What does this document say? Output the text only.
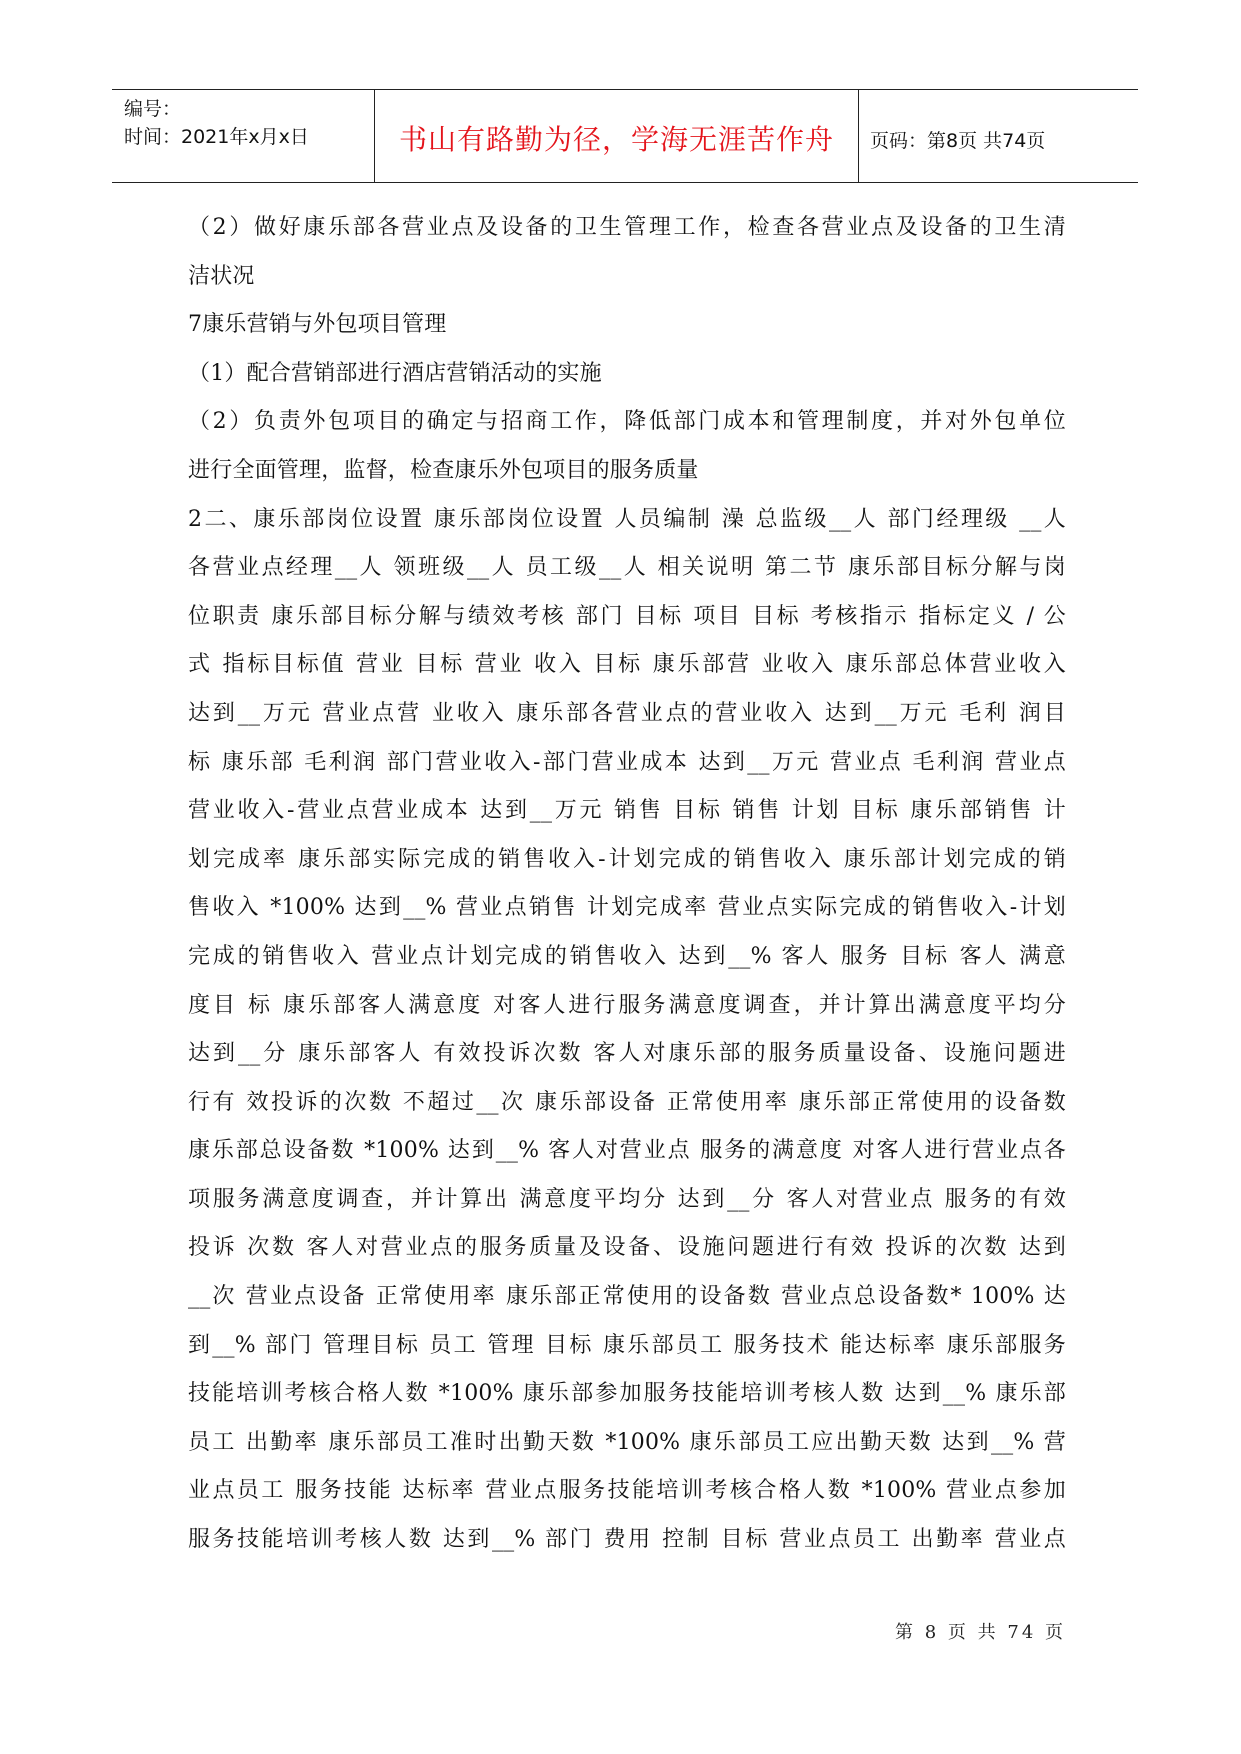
编号：
时间：2021年x月x日	书山有路勤为径，学海无涯苦作舟	页码：第8页 共74页
（2）做好康乐部各营业点及设备的卫生管理工作，检查各营业点及设备的卫生清
洁状况
7康乐营销与外包项目管理
（1）配合营销部进行酒店营销活动的实施
（2）负责外包项目的确定与招商工作，降低部门成本和管理制度，并对外包单位
进行全面管理，监督，检查康乐外包项目的服务质量
2二、康乐部岗位设置 康乐部岗位设置 人员编制 澡 总监级__人 部门经理级 __人
各营业点经理__人 领班级__人 员工级__人 相关说明 第二节 康乐部目标分解与岗
位职责 康乐部目标分解与绩效考核 部门 目标 项目 目标 考核指示 指标定义 / 公
式 指标目标值 营业 目标 营业 收入 目标 康乐部营 业收入 康乐部总体营业收入
达到__万元 营业点营 业收入 康乐部各营业点的营业收入 达到__万元 毛利 润目
标 康乐部 毛利润 部门营业收入-部门营业成本 达到__万元 营业点 毛利润 营业点
营业收入-营业点营业成本 达到__万元 销售 目标 销售 计划 目标 康乐部销售 计
划完成率 康乐部实际完成的销售收入-计划完成的销售收入 康乐部计划完成的销
售收入 *100% 达到__% 营业点销售 计划完成率 营业点实际完成的销售收入-计划
完成的销售收入 营业点计划完成的销售收入 达到__% 客人 服务 目标 客人 满意
度目 标 康乐部客人满意度 对客人进行服务满意度调查，并计算出满意度平均分
达到__分 康乐部客人 有效投诉次数 客人对康乐部的服务质量设备、设施问题进
行有 效投诉的次数 不超过__次 康乐部设备 正常使用率 康乐部正常使用的设备数
康乐部总设备数 *100% 达到__% 客人对营业点 服务的满意度 对客人进行营业点各
项服务满意度调查，并计算出 满意度平均分 达到__分 客人对营业点 服务的有效
投诉 次数 客人对营业点的服务质量及设备、设施问题进行有效 投诉的次数 达到
__次 营业点设备 正常使用率 康乐部正常使用的设备数 营业点总设备数* 100% 达
到__% 部门 管理目标 员工 管理 目标 康乐部员工 服务技术 能达标率 康乐部服务
技能培训考核合格人数 *100% 康乐部参加服务技能培训考核人数 达到__% 康乐部
员工 出勤率 康乐部员工准时出勤天数 *100% 康乐部员工应出勤天数 达到__% 营
业点员工 服务技能 达标率 营业点服务技能培训考核合格人数 *100% 营业点参加
服务技能培训考核人数 达到__% 部门 费用 控制 目标 营业点员工 出勤率 营业点
第 8 页 共 74 页
